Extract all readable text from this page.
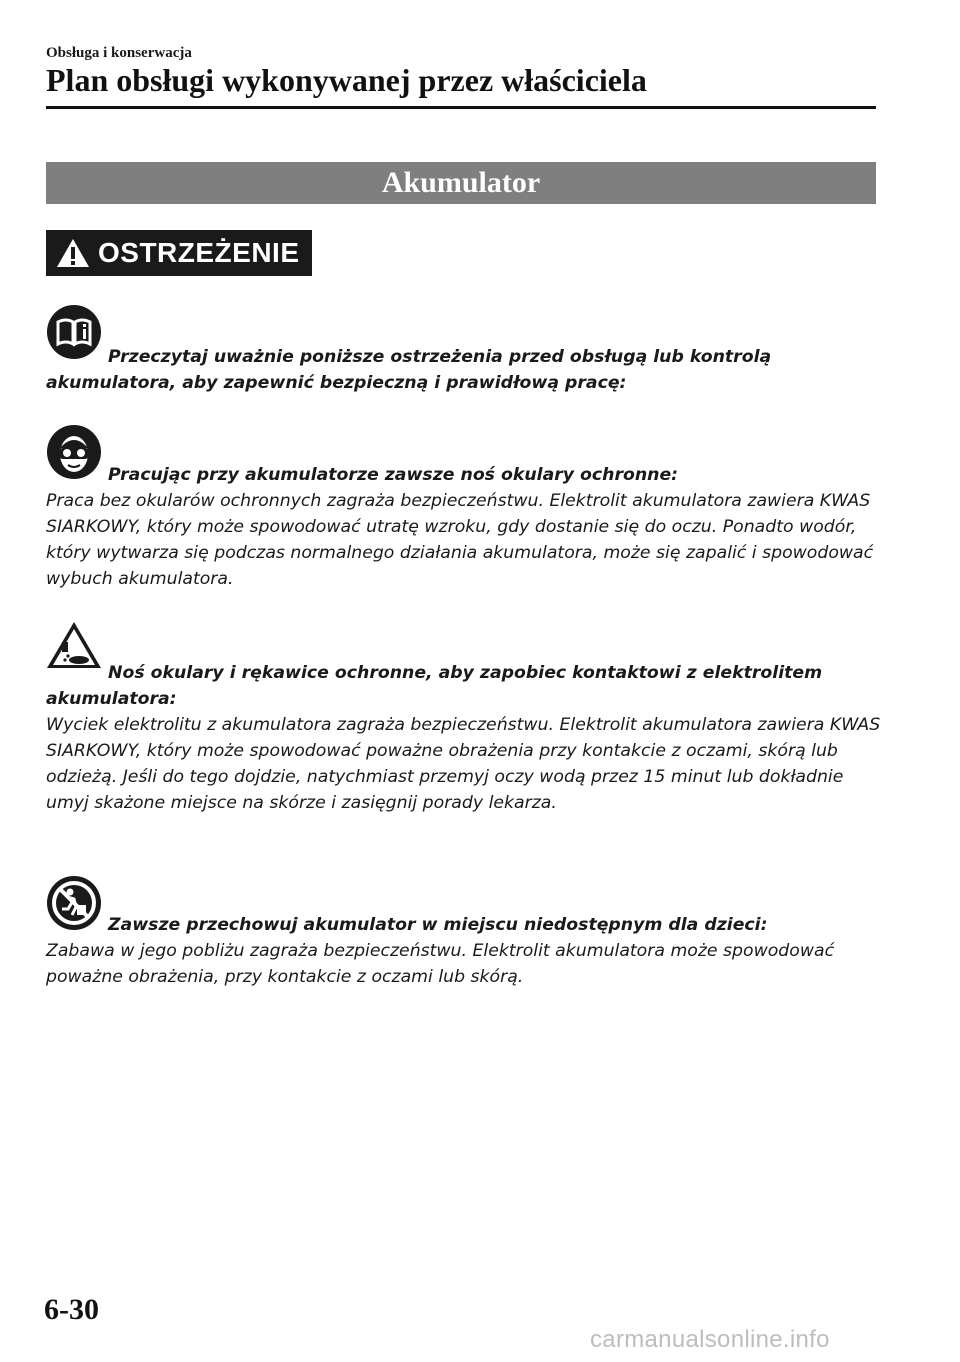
Obsługa i konserwacja
Plan obsługi wykonywanej przez właściciela
Akumulator
OSTRZEŻENIE

Przeczytaj uważnie poniższe ostrzeżenia przed obsługą lub kontrolą akumulatora, aby zapewnić bezpieczną i prawidłową pracę:

Pracując przy akumulatorze zawsze noś okulary ochronne:
Praca bez okularów ochronnych zagraża bezpieczeństwu. Elektrolit akumulatora zawiera KWAS SIARKOWY, który może spowodować utratę wzroku, gdy dostanie się do oczu. Ponadto wodór, który wytwarza się podczas normalnego działania akumulatora, może się zapalić i spowodować wybuch akumulatora.

Noś okulary i rękawice ochronne, aby zapobiec kontaktowi z elektrolitem akumulatora:
Wyciek elektrolitu z akumulatora zagraża bezpieczeństwu. Elektrolit akumulatora zawiera KWAS SIARKOWY, który może spowodować poważne obrażenia przy kontakcie z oczami, skórą lub odzieżą. Jeśli do tego dojdzie, natychmiast przemyj oczy wodą przez 15 minut lub dokładnie umyj skażone miejsce na skórze i zasięgnij porady lekarza.

Zawsze przechowuj akumulator w miejscu niedostępnym dla dzieci:
Zabawa w jego pobliżu zagraża bezpieczeństwu. Elektrolit akumulatora może spowodować poważne obrażenia, przy kontakcie z oczami lub skórą.

6-30
carmanualsonline.info
